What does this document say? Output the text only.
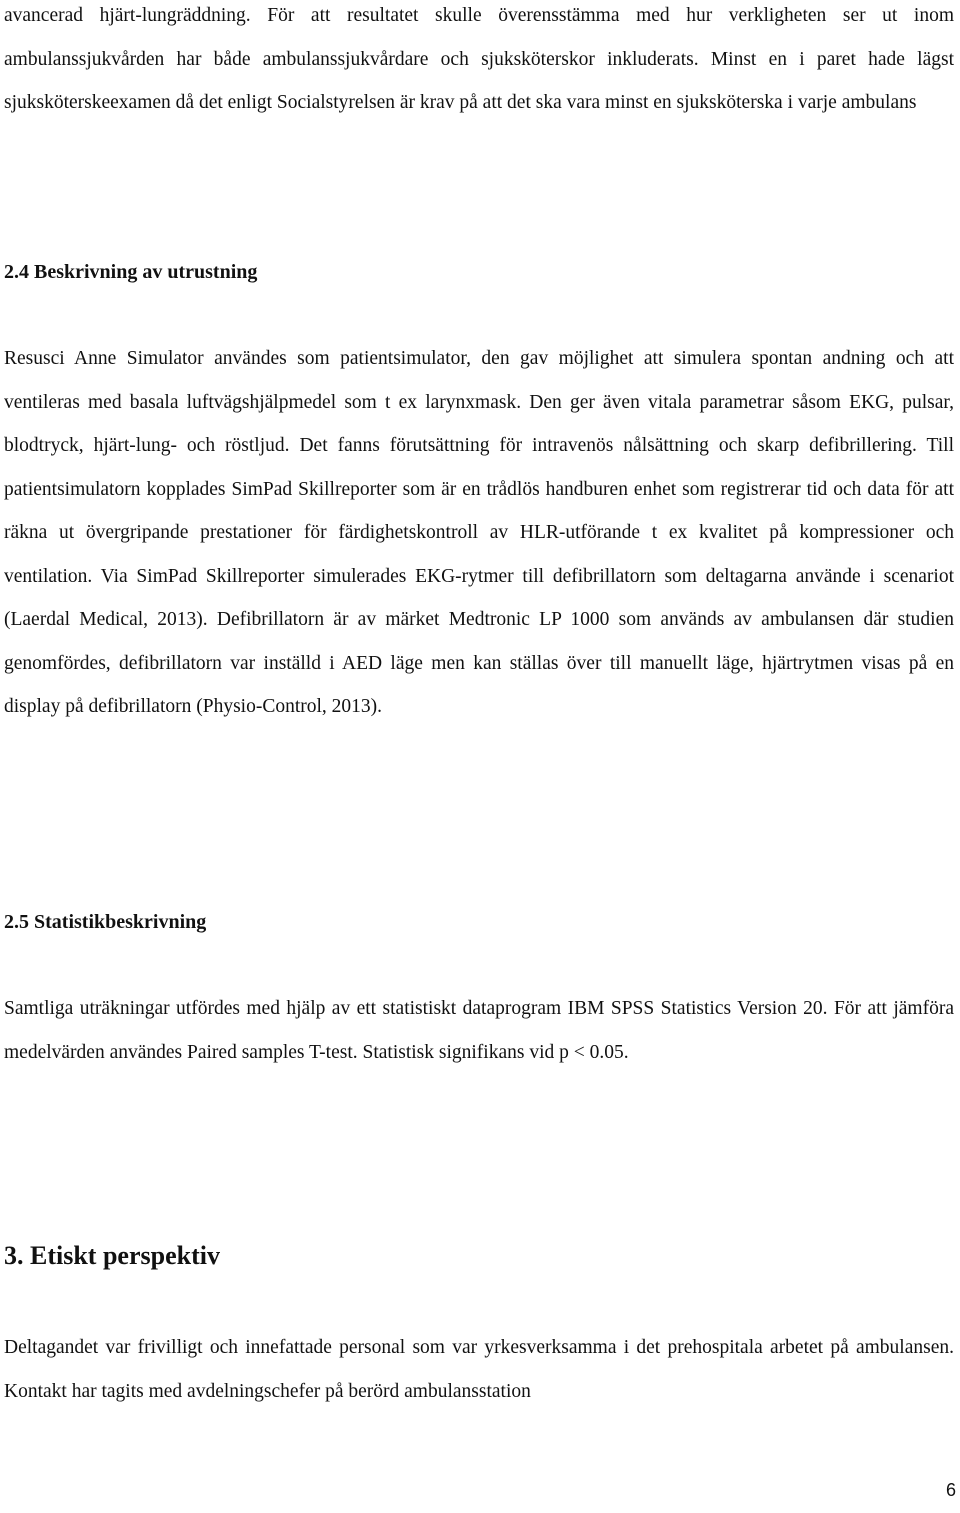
avancerad hjärt-lungräddning. För att resultatet skulle överensstämma med hur verkligheten ser ut inom ambulanssjukvården har både ambulanssjukvårdare och sjuksköterskor inkluderats. Minst en i paret hade lägst sjuksköterskeexamen då det enligt Socialstyrelsen är krav på att det ska vara minst en sjuksköterska i varje ambulans

2.4 Beskrivning av utrustning

Resusci Anne Simulator användes som patientsimulator, den gav möjlighet att simulera spontan andning och att ventileras med basala luftvägshjälpmedel som t ex larynxmask. Den ger även vitala parametrar såsom EKG, pulsar, blodtryck, hjärt-lung- och röstljud. Det fanns förutsättning för intravenös nålsättning och skarp defibrillering. Till patientsimulatorn kopplades SimPad Skillreporter som är en trådlös handburen enhet som registrerar tid och data för att räkna ut övergripande prestationer för färdighetskontroll av HLR-utförande t ex kvalitet på kompressioner och ventilation. Via SimPad Skillreporter simulerades EKG-rytmer till defibrillatorn som deltagarna använde i scenariot (Laerdal Medical, 2013). Defibrillatorn är av märket Medtronic LP 1000 som används av ambulansen där studien genomfördes, defibrillatorn var inställd i AED läge men kan ställas över till manuellt läge, hjärtrytmen visas på en display på defibrillatorn (Physio-Control, 2013).

2.5 Statistikbeskrivning

Samtliga uträkningar utfördes med hjälp av ett statistiskt dataprogram IBM SPSS Statistics Version 20. För att jämföra medelvärden användes Paired samples T-test. Statistisk signifikans vid p < 0.05.

3. Etiskt perspektiv

Deltagandet var frivilligt och innefattade personal som var yrkesverksamma i det prehospitala arbetet på ambulansen. Kontakt har tagits med avdelningschefer på berörd ambulansstation

6
